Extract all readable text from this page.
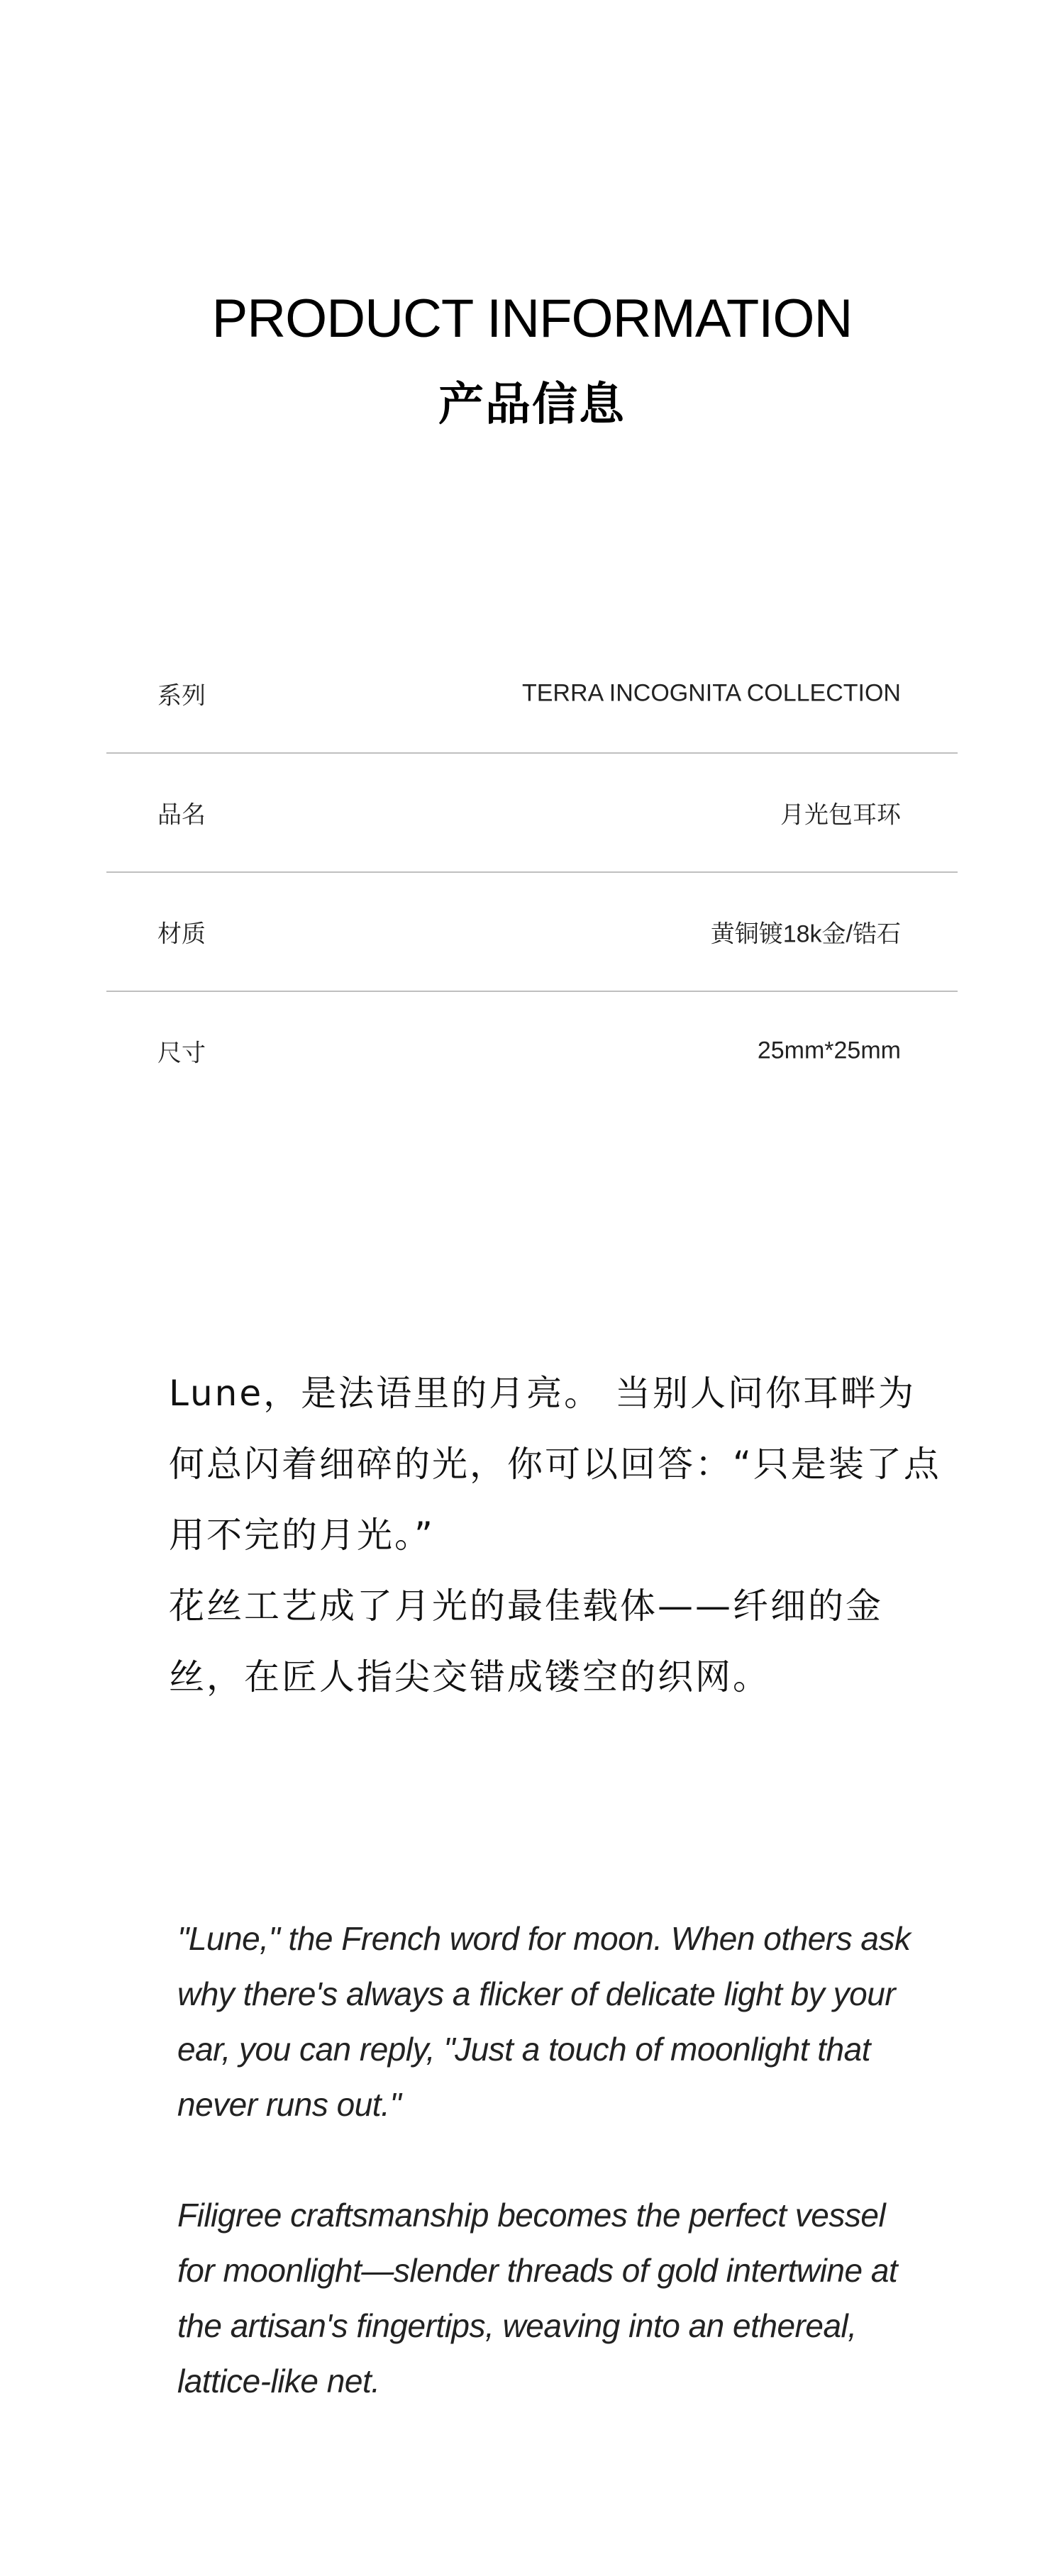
PRODUCT INFORMATION
产品信息
系列	TERRA INCOGNITA COLLECTION
品名	月光包耳环
材质	黄铜镀18k金/锆石
尺寸	25mm*25mm

Lune，是法语里的月亮。 当别人问你耳畔为何总闪着细碎的光，你可以回答：“只是装了点用不完的月光。”

花丝工艺成了月光的最佳载体——纤细的金丝，在匠人指尖交错成镂空的织网。

"Lune," the French word for moon. When others ask why there's always a flicker of delicate light by your ear, you can reply, "Just a touch of moonlight that never runs out."

Filigree craftsmanship becomes the perfect vessel for moonlight—slender threads of gold intertwine at the artisan's fingertips, weaving into an ethereal, lattice-like net.
